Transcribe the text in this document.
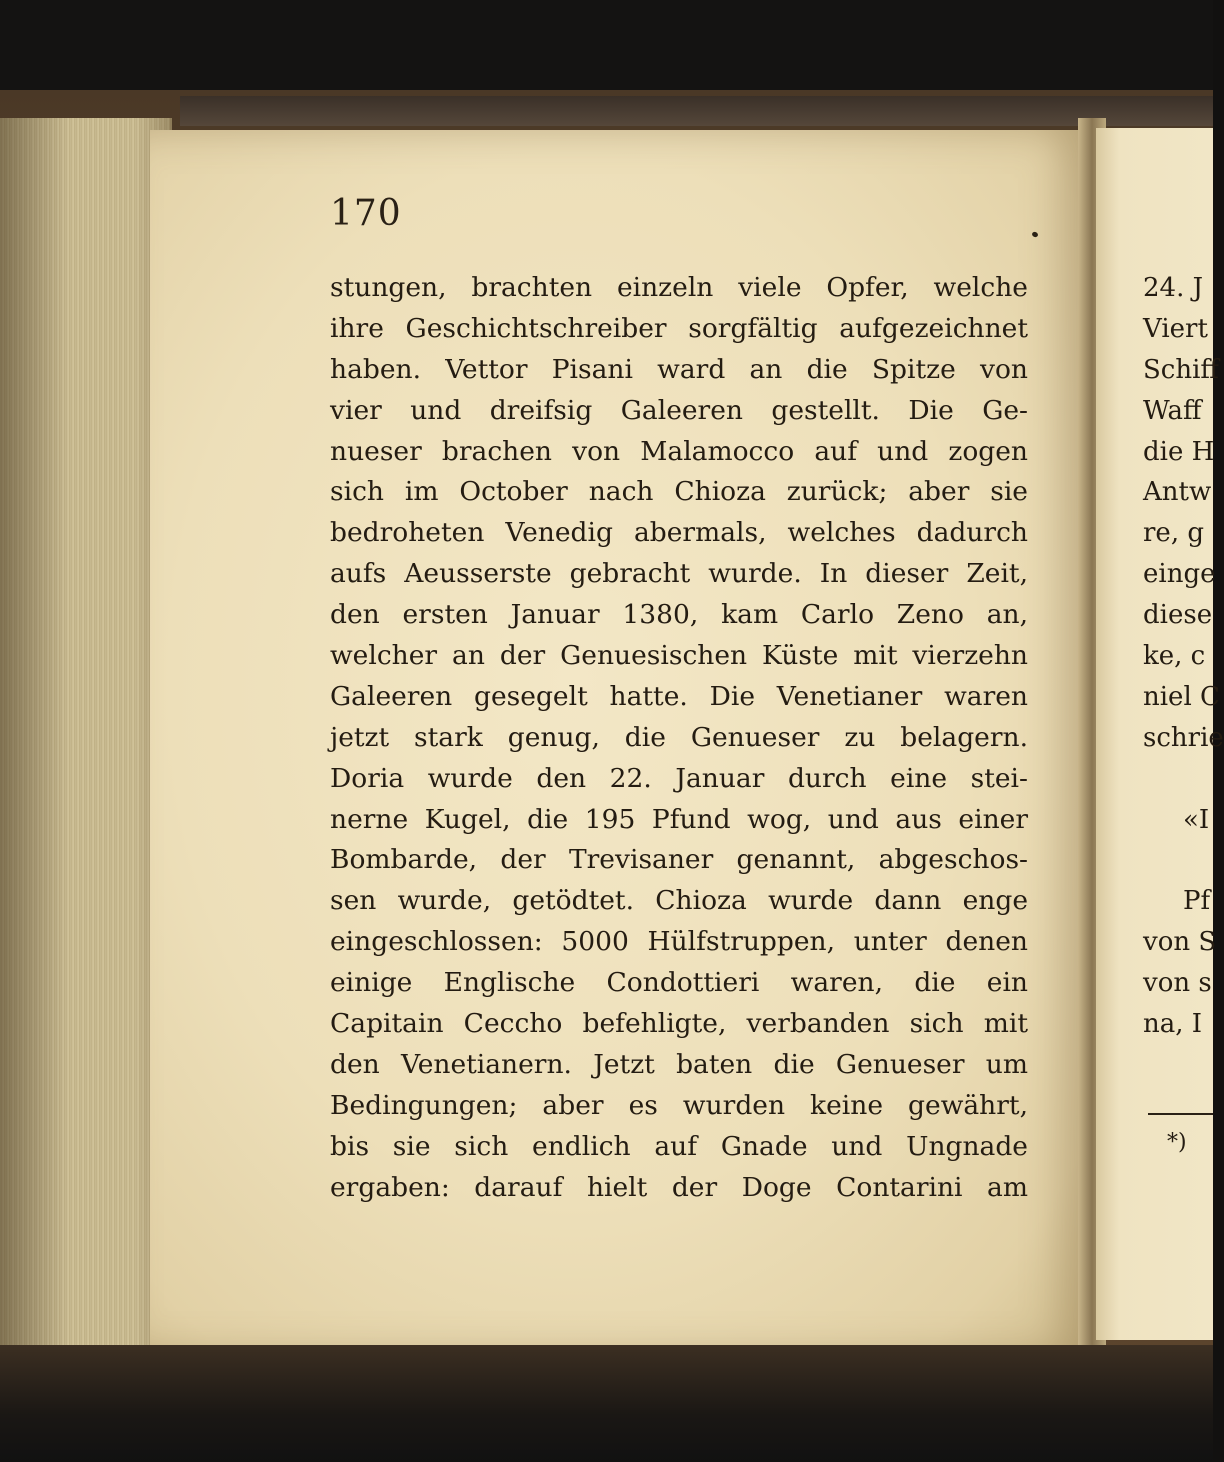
170
stungen, brachten einzeln viele Opfer, welche
ihre Geschichtschreiber sorgfältig aufgezeichnet
haben. Vettor Pisani ward an die Spitze von
vier und dreifsig Galeeren gestellt. Die Ge-
nueser brachen von Malamocco auf und zogen
sich im October nach Chioza zurück; aber sie
bedroheten Venedig abermals, welches dadurch
aufs Aeusserste gebracht wurde. In dieser Zeit,
den ersten Januar 1380, kam Carlo Zeno an,
welcher an der Genuesischen Küste mit vierzehn
Galeeren gesegelt hatte. Die Venetianer waren
jetzt stark genug, die Genueser zu belagern.
Doria wurde den 22. Januar durch eine stei-
nerne Kugel, die 195 Pfund wog, und aus einer
Bombarde, der Trevisaner genannt, abgeschos-
sen wurde, getödtet. Chioza wurde dann enge
eingeschlossen: 5000 Hülfstruppen, unter denen
einige Englische Condottieri waren, die ein
Capitain Ceccho befehligte, verbanden sich mit
den Venetianern. Jetzt baten die Genueser um
Bedingungen; aber es wurden keine gewährt,
bis sie sich endlich auf Gnade und Ungnade
ergaben: darauf hielt der Doge Contarini am
24. J
Viert
Schiff
Waff
die H
Antw
re, g
einge
diese
ke, c
niel C
schrie
«I
Pf
von S
von s
na, I
*)
